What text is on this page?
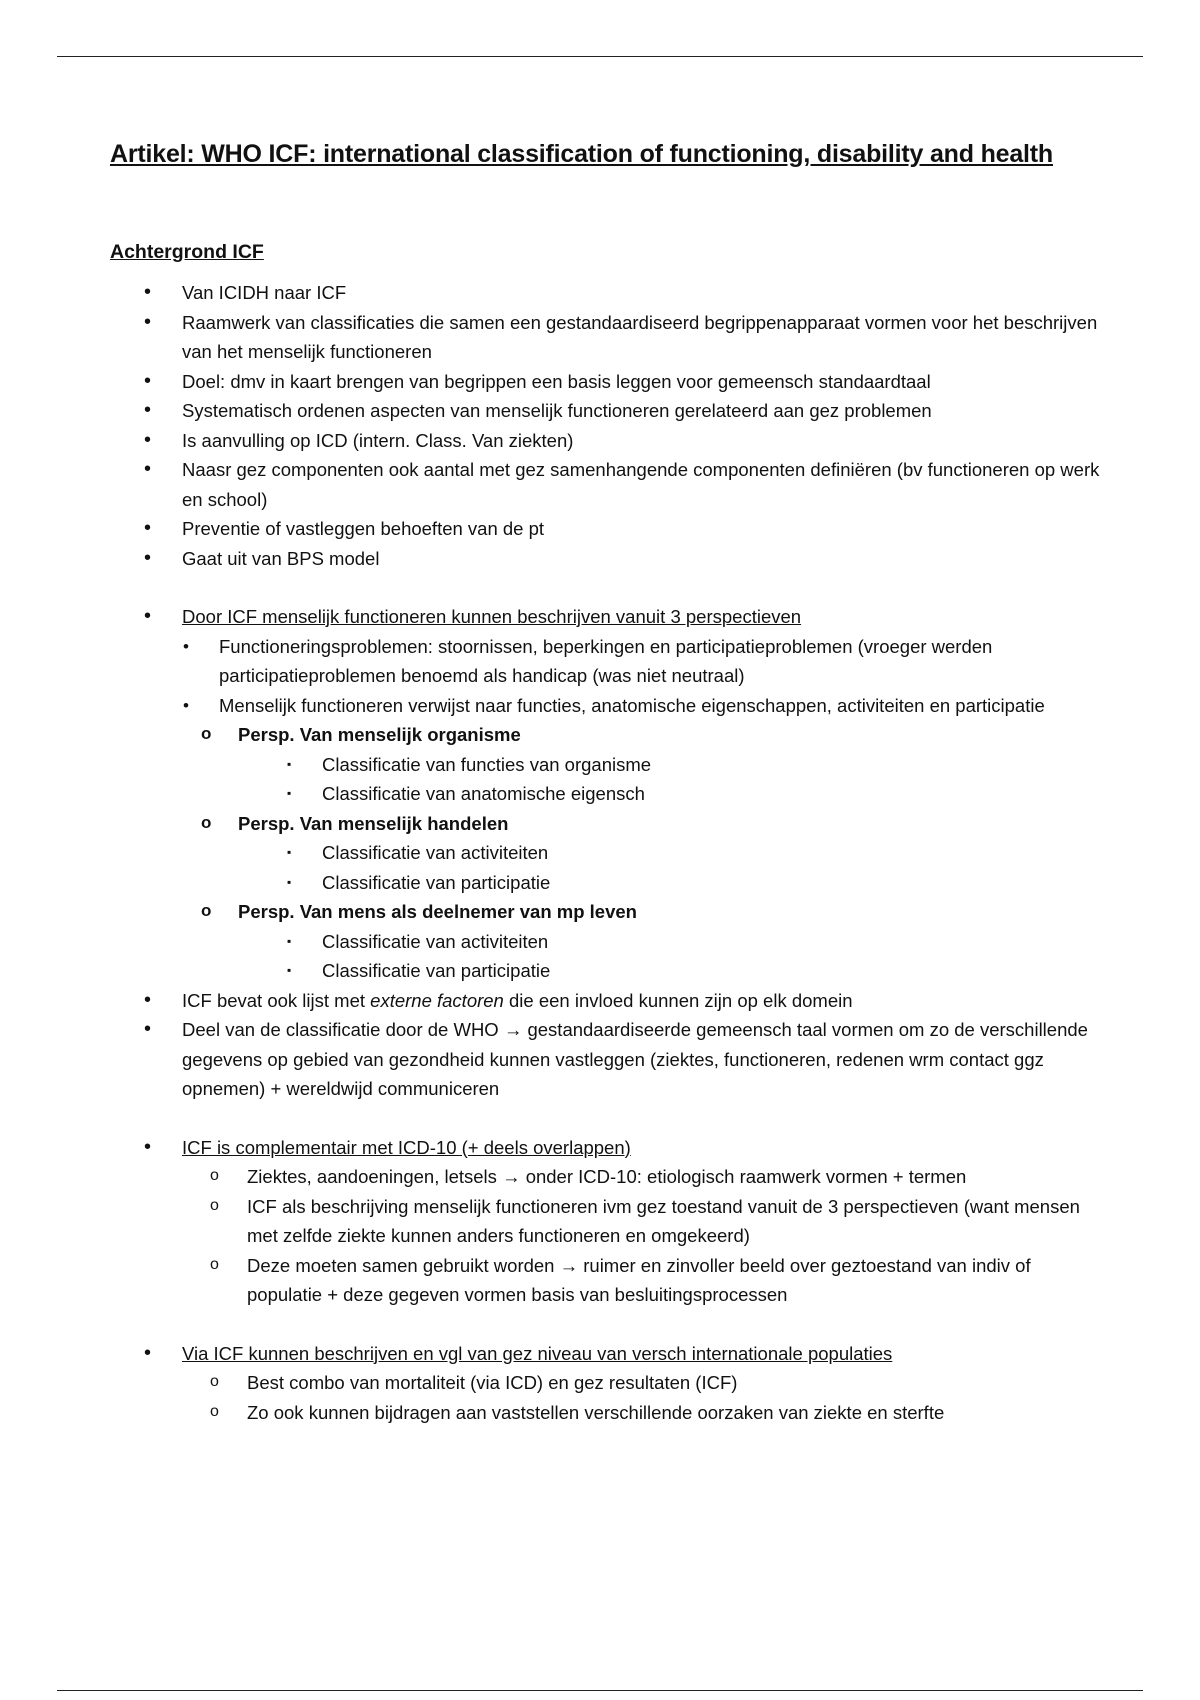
Artikel: WHO ICF: international classification of functioning, disability and health
Achtergrond ICF
• Van ICIDH naar ICF
• Raamwerk van classificaties die samen een gestandaardiseerd begrippenapparaat vormen voor het beschrijven van het menselijk functioneren
• Doel: dmv in kaart brengen van begrippen een basis leggen voor gemeensch standaardtaal
• Systematisch ordenen aspecten van menselijk functioneren gerelateerd aan gez problemen
• Is aanvulling op ICD (intern. Class. Van ziekten)
• Naasr gez componenten ook aantal met gez samenhangende componenten definiëren (bv functioneren op werk en school)
• Preventie of vastleggen behoeften van de pt
• Gaat uit van BPS model
• Door ICF menselijk functioneren kunnen beschrijven vanuit 3 perspectieven
• Functioneringsproblemen: stoornissen, beperkingen en participatieproblemen (vroeger werden participatieproblemen benoemd als handicap (was niet neutraal)
• Menselijk functioneren verwijst naar functies, anatomische eigenschappen, activiteiten en participatie
o Persp. Van menselijk organisme
▪ Classificatie van functies van organisme
▪ Classificatie van anatomische eigensch
o Persp. Van menselijk handelen
▪ Classificatie van activiteiten
▪ Classificatie van participatie
o Persp. Van mens als deelnemer van mp leven
▪ Classificatie van activiteiten
▪ Classificatie van participatie
• ICF bevat ook lijst met externe factoren die een invloed kunnen zijn op elk domein
• Deel van de classificatie door de WHO → gestandaardiseerde gemeensch taal vormen om zo de verschillende gegevens op gebied van gezondheid kunnen vastleggen (ziektes, functioneren, redenen wrm contact ggz opnemen) + wereldwijd communiceren
• ICF is complementair met ICD-10 (+ deels overlappen)
o Ziektes, aandoeningen, letsels → onder ICD-10: etiologisch raamwerk vormen + termen
o ICF als beschrijving menselijk functioneren ivm gez toestand vanuit de 3 perspectieven (want mensen met zelfde ziekte kunnen anders functioneren en omgekeerd)
o Deze moeten samen gebruikt worden → ruimer en zinvoller beeld over geztoestand van indiv of populatie + deze gegeven vormen basis van besluitingsprocessen
• Via ICF kunnen beschrijven en vgl van gez niveau van versch internationale populaties
o Best combo van mortaliteit (via ICD) en gez resultaten (ICF)
o Zo ook kunnen bijdragen aan vaststellen verschillende oorzaken van ziekte en sterfte
